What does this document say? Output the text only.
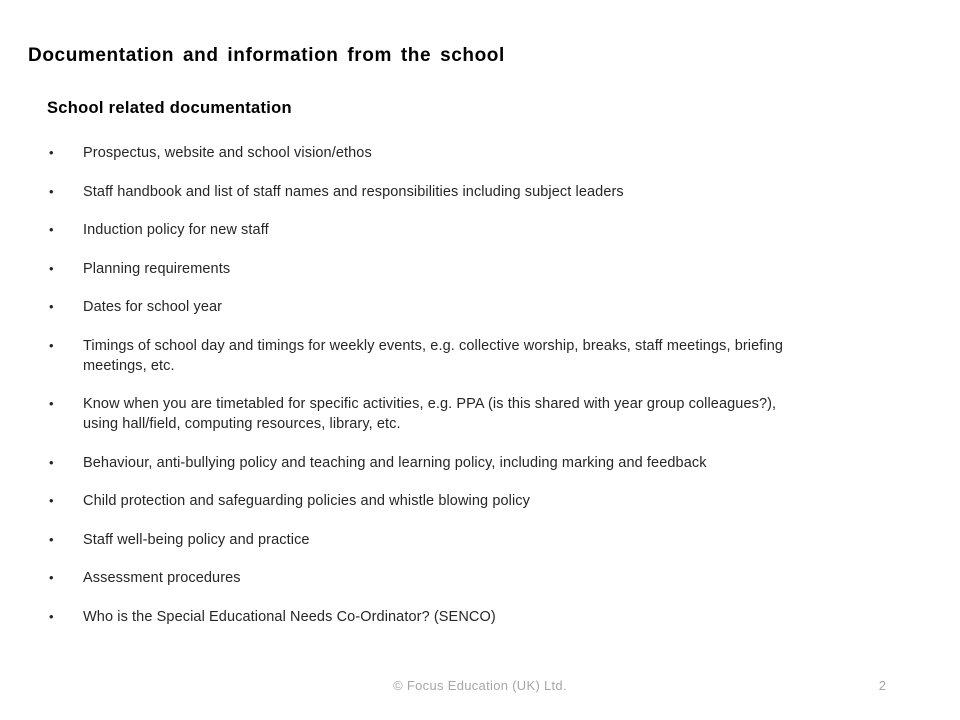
Documentation and information from the school
School related documentation
• Prospectus, website and school vision/ethos
• Staff handbook and list of staff names and responsibilities including subject leaders
• Induction policy for new staff
• Planning requirements
• Dates for school year
• Timings of school day and timings for weekly events, e.g. collective worship, breaks, staff meetings, briefing
meetings, etc.
• Know when you are timetabled for specific activities, e.g. PPA (is this shared with year group colleagues?),
using hall/field, computing resources, library, etc.
• Behaviour, anti-bullying policy and teaching and learning policy, including marking and feedback
• Child protection and safeguarding policies and whistle blowing policy
• Staff well-being policy and practice
• Assessment procedures
• Who is the Special Educational Needs Co-Ordinator? (SENCO)
© Focus Education (UK) Ltd.	2
